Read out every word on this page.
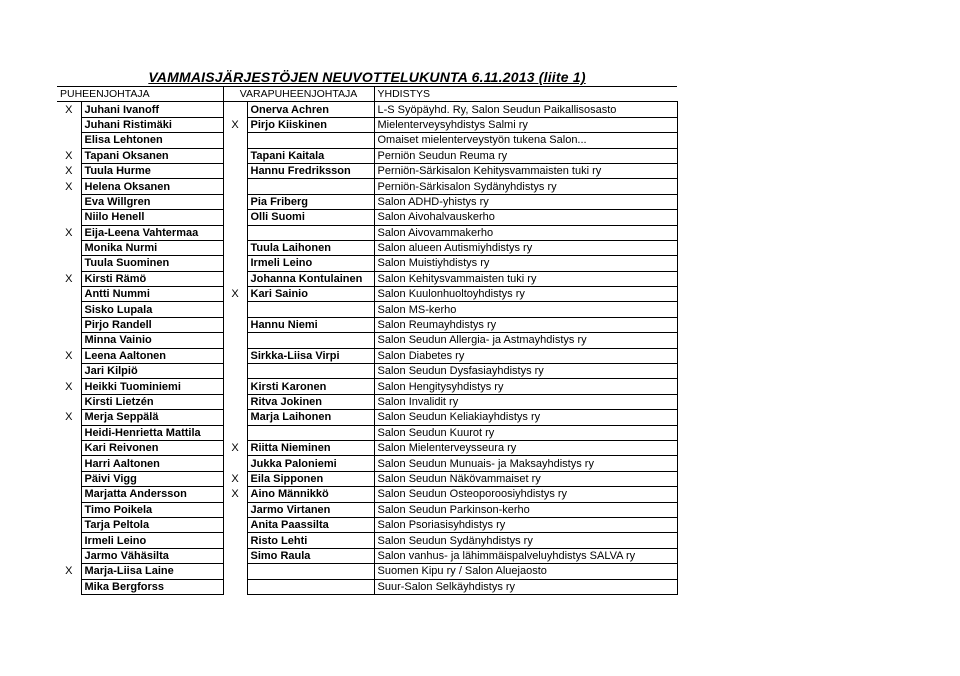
VAMMAISJÄRJESTÖJEN NEUVOTTELUKUNTA 6.11.2013 (liite 1)
PUHEENJOHTAJA		VARAPUHEENJOHTAJA		YHDISTYS
X	Juhani Ivanoff		Onerva Achren	L-S Syöpäyhd. Ry, Salon Seudun Paikallisosasto
	Juhani Ristimäki	X	Pirjo Kiiskinen	Mielenterveysyhdistys Salmi ry
	Elisa Lehtonen			Omaiset mielenterveystyön tukena Salon...
X	Tapani Oksanen		Tapani Kaitala	Perniön Seudun Reuma ry
X	Tuula Hurme		Hannu Fredriksson	Perniön-Särkisalon Kehitysvammaisten tuki ry
X	Helena Oksanen			Perniön-Särkisalon Sydänyhdistys ry
	Eva Willgren		Pia Friberg	Salon ADHD-yhistys ry
	Niilo Henell		Olli Suomi	Salon Aivohalvauskerho
X	Eija-Leena Vahtermaa			Salon Aivovammakerho
	Monika Nurmi		Tuula Laihonen	Salon alueen Autismiyhdistys ry
	Tuula Suominen		Irmeli Leino	Salon Muistiyhdistys ry
X	Kirsti Rämö		Johanna Kontulainen	Salon Kehitysvammaisten tuki ry
	Antti Nummi	X	Kari Sainio	Salon Kuulonhuoltoyhdistys ry
	Sisko Lupala			Salon MS-kerho
	Pirjo Randell		Hannu Niemi	Salon Reumayhdistys ry
	Minna Vainio			Salon Seudun Allergia- ja Astmayhdistys ry
X	Leena Aaltonen		Sirkka-Liisa Virpi	Salon Diabetes ry
	Jari Kilpiö			Salon Seudun Dysfasiayhdistys ry
X	Heikki Tuominiemi		Kirsti Karonen	Salon Hengitysyhdistys ry
	Kirsti Lietzén		Ritva Jokinen	Salon Invalidit ry
X	Merja Seppälä		Marja Laihonen	Salon Seudun Keliakiayhdistys ry
	Heidi-Henrietta Mattila			Salon Seudun Kuurot ry
	Kari Reivonen	X	Riitta Nieminen	Salon Mielenterveysseura ry
	Harri Aaltonen		Jukka Paloniemi	Salon Seudun Munuais- ja Maksayhdistys ry
	Päivi Vigg	X	Eila Sipponen	Salon Seudun Näkövammaiset ry
	Marjatta Andersson	X	Aino Männikkö	Salon Seudun Osteoporoosiyhdistys ry
	Timo Poikela		Jarmo Virtanen	Salon Seudun Parkinson-kerho
	Tarja Peltola		Anita Paassilta	Salon Psoriasisyhdistys ry
	Irmeli Leino		Risto Lehti	Salon Seudun Sydänyhdistys ry
	Jarmo Vähäsilta		Simo Raula	Salon vanhus- ja lähimmäispalveluyhdistys SALVA ry
X	Marja-Liisa Laine			Suomen Kipu ry / Salon Aluejaosto
	Mika Bergforss			Suur-Salon Selkäyhdistys ry
